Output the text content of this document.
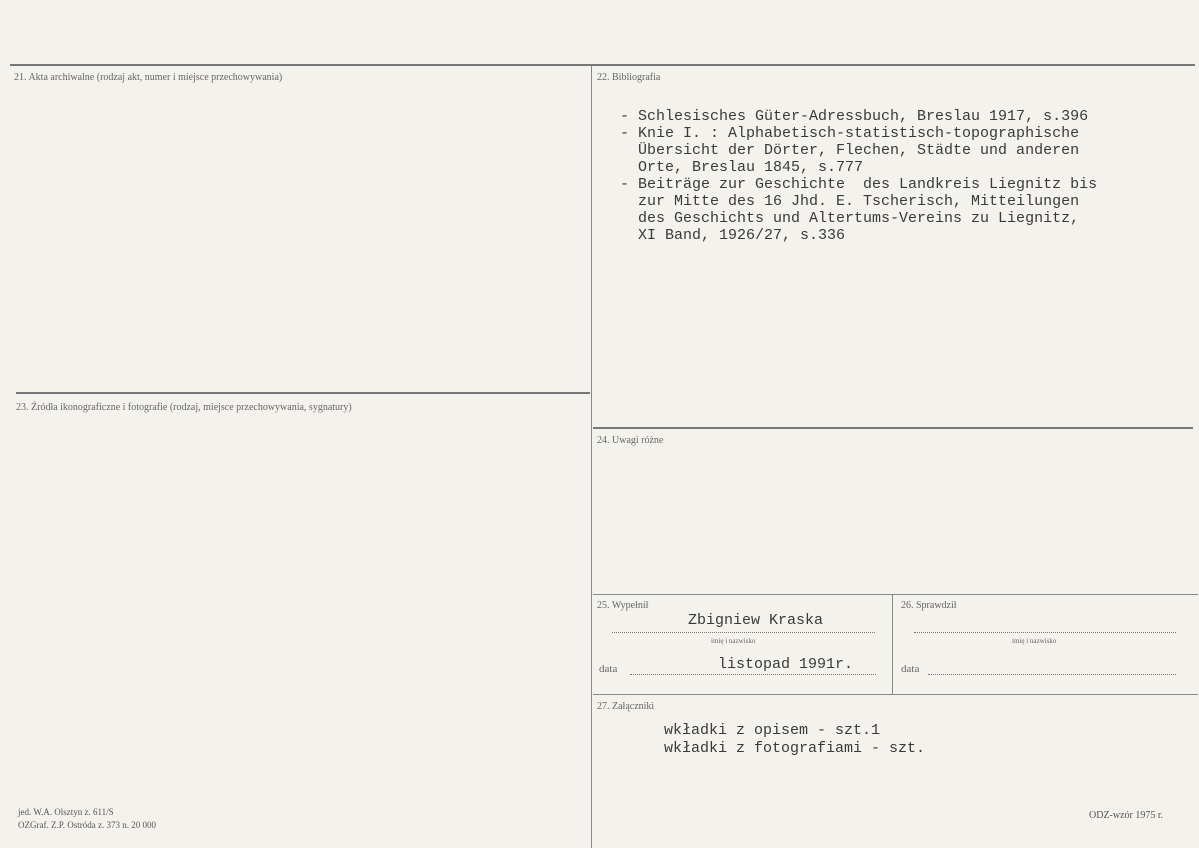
21. Akta archiwalne (rodzaj akt, numer i miejsce przechowywania)	22. Bibliografia
23. Źródła ikonograficzne i fotografie (rodzaj, miejsce przechowywania, sygnatury)
24. Uwagi różne
25. Wypełnił	26. Sprawdził
27. Załączniki
- Schlesisches Güter-Adressbuch, Breslau 1917, s.396
- Knie I. : Alphabetisch-statistisch-topographische
Übersicht der Dörter, Flechen, Städte und anderen
Orte, Breslau 1845, s.777
- Beiträge zur Geschichte  des Landkreis Liegnitz bis
zur Mitte des 16 Jhd. E. Tscherisch, Mitteilungen
des Geschichts und Altertums-Vereins zu Liegnitz,
XI Band, 1926/27, s.336
Zbigniew Kraska
imię i nazwisko
data	listopad 1991r.
imię i nazwisko
data
wkładki z opisem - szt.1
wkładki z fotografiami - szt.
jed. W.A. Olsztyn z. 611/S
OZGraf. Z.P. Ostróda z. 373 n. 20 000
ODZ-wzór 1975 r.
